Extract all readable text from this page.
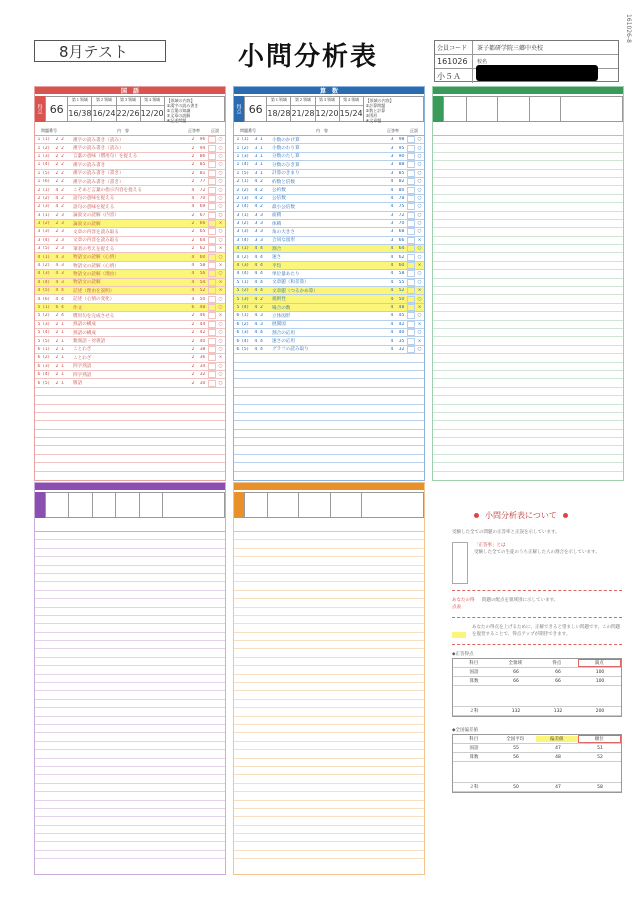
8月テスト	小問分析表	会員コード	茶子都研学院三郷中央校
161026	校名
小５Ａ
161026-8
国　語
得点 66
第１領域
16/38
第２領域
16/24
第３領域
22/26
第４領域
12/20
【領域の内容】
①漢字の読み書き
②言葉の知識
③文章の読解
④記述問題
問題番号	内　容	正答率	正誤
1 (1)	2 2	漢字の読み書き（読み）	2	96	○
1 (2)	2 2	漢字の読み書き（読み）	2	94	○
1 (3)	2 2	言葉の意味（慣用句）を捉える	2	86	○
1 (4)	2 2	漢字の読み書き	2	85	○
1 (5)	2 2	漢字の読み書き（書き）	2	81	○
1 (6)	2 2	漢字の読み書き（書き）	2	77	○
2 (1)	4 2	こそあど言葉の指示内容を捉える	4	72	○
2 (2)	4 2	語句の意味を捉える	4	70	○
2 (3)	4 2	語句の意味を捉える	4	69	○
3 (1)	2 3	論説文の読解（内容）	2	67	○
3 (2)	2 3	論説文の読解	2	66	×
3 (3)	2 3	文章の内容を読み取る	2	65	○
3 (4)	2 3	文章の内容を読み取る	2	64	○
3 (5)	2 3	筆者の考えを捉える	2	62	×
4 (1)	4 3	物語文の読解（心情）	4	60	○
4 (2)	4 3	物語文の読解（心情）	4	58	×
4 (3)	4 3	物語文の読解（理由）	4	56	○
4 (4)	4 3	物語文の読解	4	54	×
4 (5)	4 4	記述（理由を説明）	4	52	×
4 (6)	4 4	記述（心情の変化）	4	50	○
5 (1)	6 4	作文	6	48	○
5 (2)	2 4	慣用句を完成させる	2	46	×
5 (3)	2 1	熟語の構成	2	44	○
5 (4)	2 1	熟語の構成	2	42	○
5 (5)	2 1	類義語・対義語	2	40	○
6 (1)	2 1	ことわざ	2	38	○
6 (2)	2 1	ことわざ	2	36	×
6 (3)	2 1	四字熟語	2	34	○
6 (4)	2 1	四字熟語	2	32	○
6 (5)	2 1	敬語	2	30	○
算　数
得点 66
第１領域
18/28
第２領域
21/28
第３領域
12/20
第４領域
15/24
【領域の内容】
①計算問題
②数と計算
③図形
④文章題
問題番号	内　容	正答率	正誤
1 (1)	3 1	小数のかけ算	3	98	○
1 (2)	3 1	小数のわり算	3	95	○
1 (3)	3 1	分数のたし算	3	90	○
1 (4)	3 1	分数のひき算	3	88	○
1 (5)	3 1	計算のきまり	3	85	○
2 (1)	4 2	約数と倍数	4	82	○
2 (2)	4 2	公約数	4	80	○
2 (3)	4 2	公倍数	4	78	○
2 (4)	4 2	最小公倍数	4	75	○
3 (1)	3 3	面積	3	72	○
3 (2)	3 3	体積	3	70	○
3 (3)	3 3	角の大きさ	3	68	○
3 (4)	3 3	合同な図形	3	66	×
4 (1)	4 4	割合	4	64	○
4 (2)	4 4	速さ	4	62	○
4 (3)	4 4	平均	4	60	×
4 (4)	4 4	単位量あたり	4	58	○
5 (1)	4 4	文章題（和差算）	4	55	○
5 (2)	4 4	文章題（つるかめ算）	4	52	×
5 (3)	4 2	規則性	4	50	○
5 (4)	4 2	場合の数	4	48	×
6 (1)	4 3	立体図形	4	45	○
6 (2)	4 3	展開図	4	42	×
6 (3)	4 4	割合の応用	4	40	○
6 (4)	4 4	速さの応用	4	35	×
6 (5)	4 4	グラフの読み取り	4	32	○
小問分析表について
受験した全ての問題の正答率と正誤を示しています。
「正答率」とは
受験した全ての生徒のうち正解した人の割合を示しています。
あなたの得点表
問題の配点を領域別に示しています。
あなたの得点を上げるために、正解できると望ましい問題です。この問題を復習することで、得点アップが期待できます。
◆正答得点
科目	全領域	得点	満点
国語	66	66	100
算数	66	66	100
２科	132	132	200
◆全国偏差値
科目	全国平均	偏差値	順位
国語	55	47	51
算数	56	48	52
２科	50	47	58
